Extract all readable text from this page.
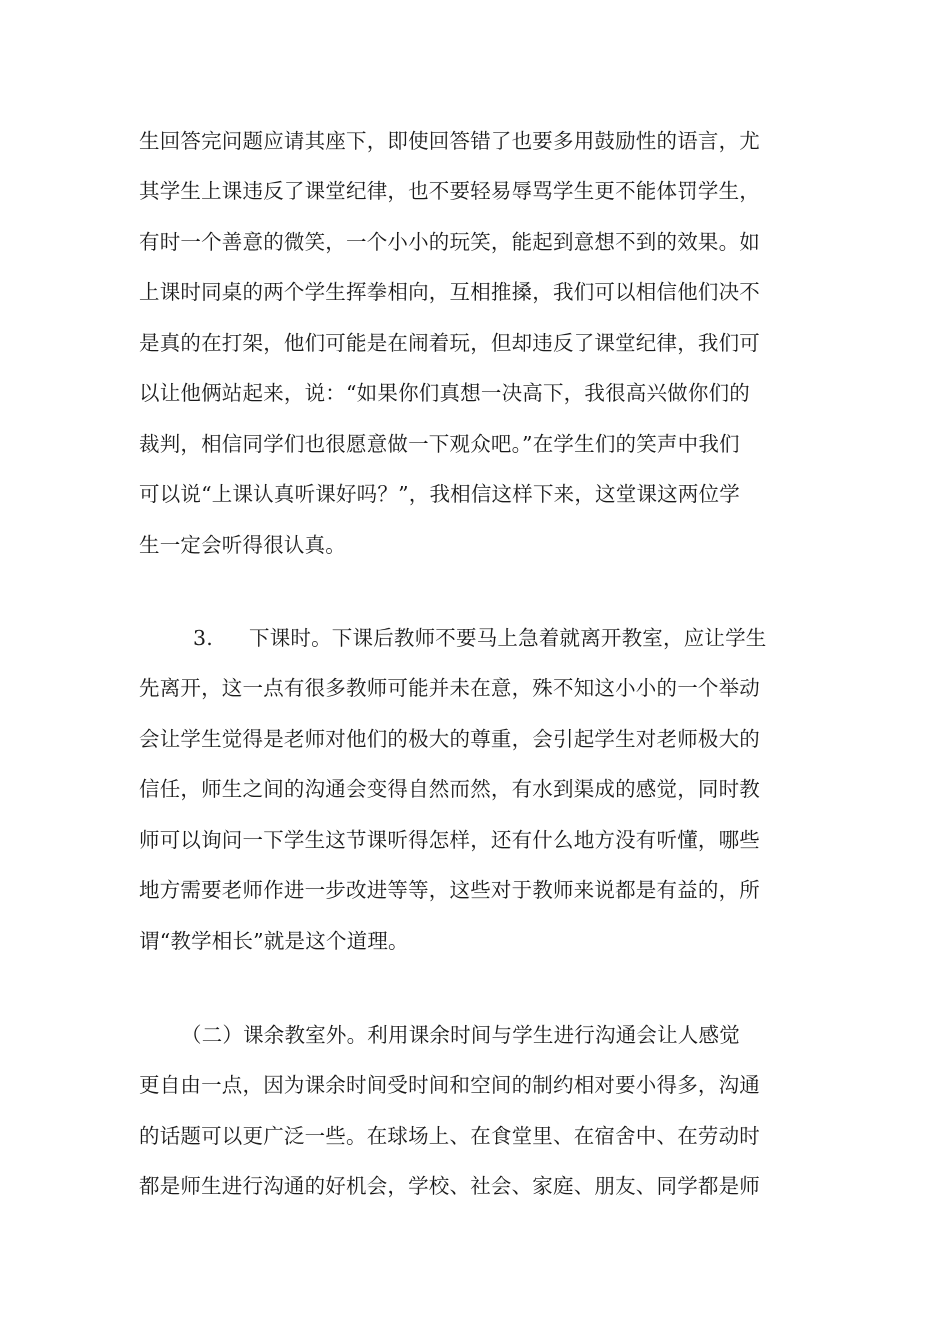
生回答完问题应请其座下，即使回答错了也要多用鼓励性的语言，尤
其学生上课违反了课堂纪律，也不要轻易辱骂学生更不能体罚学生，
有时一个善意的微笑，一个小小的玩笑，能起到意想不到的效果。如
上课时同桌的两个学生挥拳相向，互相推搡，我们可以相信他们决不
是真的在打架，他们可能是在闹着玩，但却违反了课堂纪律，我们可
以让他俩站起来，说：“如果你们真想一决高下，我很高兴做你们的
裁判，相信同学们也很愿意做一下观众吧。”在学生们的笑声中我们
可以说“上课认真听课好吗？”，我相信这样下来，这堂课这两位学
生一定会听得很认真。
3. 下课时。下课后教师不要马上急着就离开教室，应让学生
先离开，这一点有很多教师可能并未在意，殊不知这小小的一个举动
会让学生觉得是老师对他们的极大的尊重，会引起学生对老师极大的
信任，师生之间的沟通会变得自然而然，有水到渠成的感觉，同时教
师可以询问一下学生这节课听得怎样，还有什么地方没有听懂，哪些
地方需要老师作进一步改进等等，这些对于教师来说都是有益的，所
谓“教学相长”就是这个道理。
（二）课余教室外。利用课余时间与学生进行沟通会让人感觉
更自由一点，因为课余时间受时间和空间的制约相对要小得多，沟通
的话题可以更广泛一些。在球场上、在食堂里、在宿舍中、在劳动时
都是师生进行沟通的好机会，学校、社会、家庭、朋友、同学都是师
